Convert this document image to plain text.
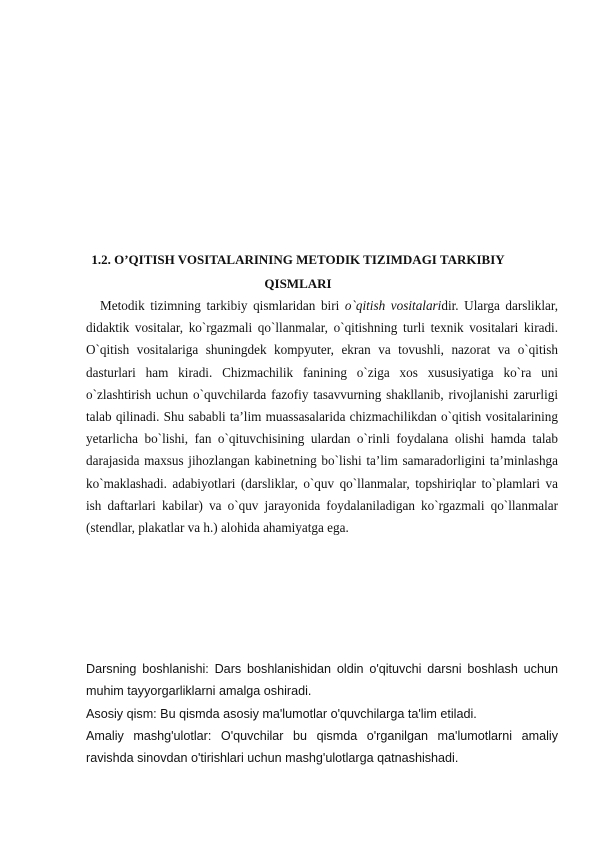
1.2. O’QITISH VOSITALARINING METODIK TIZIMDAGI TARKIBIY QISMLARI

Metodik tizimning tarkibiy qismlaridan biri o`qitish vositalaridir. Ularga darsliklar, didaktik vositalar, ko`rgazmali qo`llanmalar, o`qitishning turli texnik vositalari kiradi. O`qitish vositalariga shuningdek kompyuter, ekran va tovushli, nazorat va o`qitish dasturlari ham kiradi. Chizmachilik fanining o`ziga xos xususiyatiga ko`ra uni o`zlashtirish uchun o`quvchilarda fazofiy tasavvurning shakllanib, rivojlanishi zarurligi talab qilinadi. Shu sababli ta’lim muassasalarida chizmachilikdan o`qitish vositalarining yetarlicha bo`lishi, fan o`qituvchisining ulardan o`rinli foydalana olishi hamda talab darajasida maxsus jihozlangan kabinetning bo`lishi ta’lim samaradorligini ta’minlashga ko`maklashadi. adabiyotlari (darsliklar, o`quv qo`llanmalar, topshiriqlar to`plamlari va ish daftarlari kabilar) va o`quv jarayonida foydalaniladigan ko`rgazmali qo`llanmalar (stendlar, plakatlar va h.) alohida ahamiyatga ega.

Darsning boshlanishi: Dars boshlanishidan oldin o'qituvchi darsni boshlash uchun muhim tayyorgarliklarni amalga oshiradi.

Asosiy qism: Bu qismda asosiy ma'lumotlar o'quvchilarga ta'lim etiladi.

Amaliy mashg'ulotlar: O'quvchilar bu qismda o'rganilgan ma'lumotlarni amaliy ravishda sinovdan o'tirishlari uchun mashg'ulotlarga qatnashishadi.
